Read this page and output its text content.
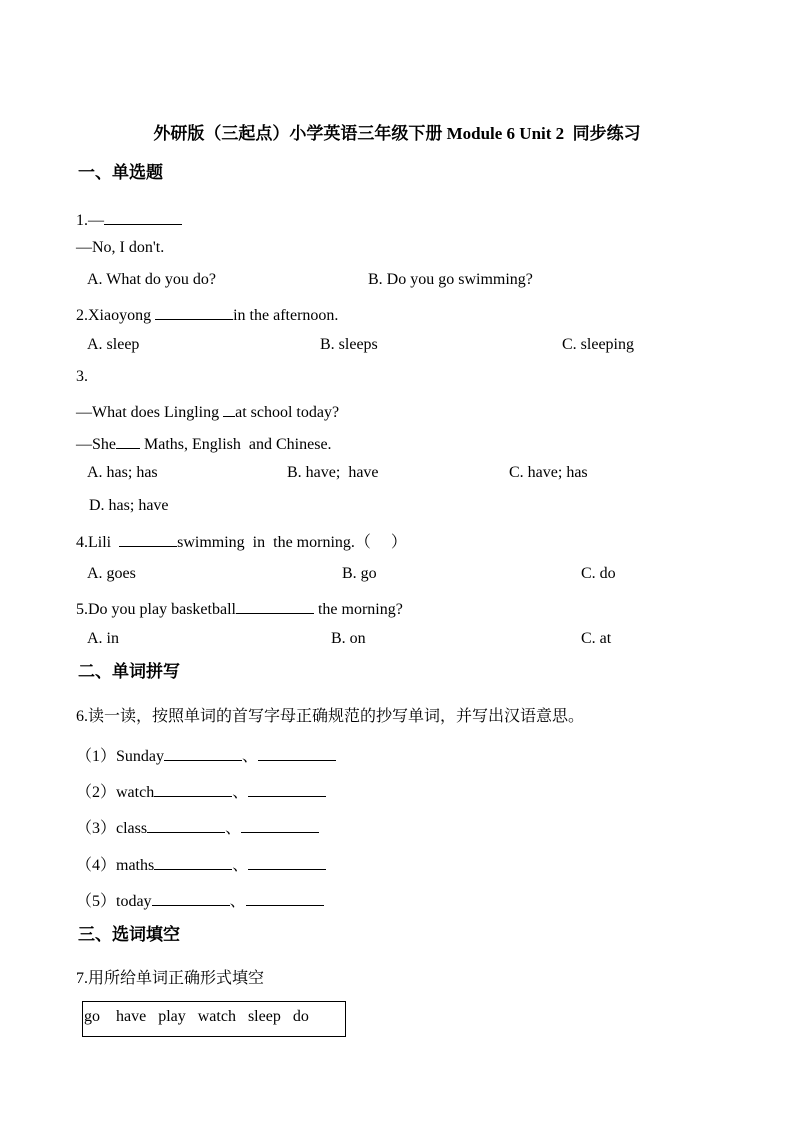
外研版（三起点）小学英语三年级下册 Module 6 Unit 2  同步练习
一、单选题
1.—
—No, I don't.
A. What do you do?	B. Do you go swimming?
2.Xiaoyong	in the afternoon.
A. sleep	B. sleeps	C. sleeping
3.
—What does Lingling at school today?
—She Maths, English  and Chinese.
A. has; has	B. have;  have	C. have; has
D. has; have
4.Lili	swimming  in  the morning.（     ）
A. goes	B. go	C. do
5.Do you play basketball	the morning?
A. in	B. on	C. at
二、单词拼写
6.读一读，按照单词的首写字母正确规范的抄写单词，并写出汉语意思。
（1）Sunday	、
（2）watch	、
（3）class	、
（4）maths	、
（5）today	、
三、选词填空
7.用所给单词正确形式填空
go    have   play   watch   sleep   do
